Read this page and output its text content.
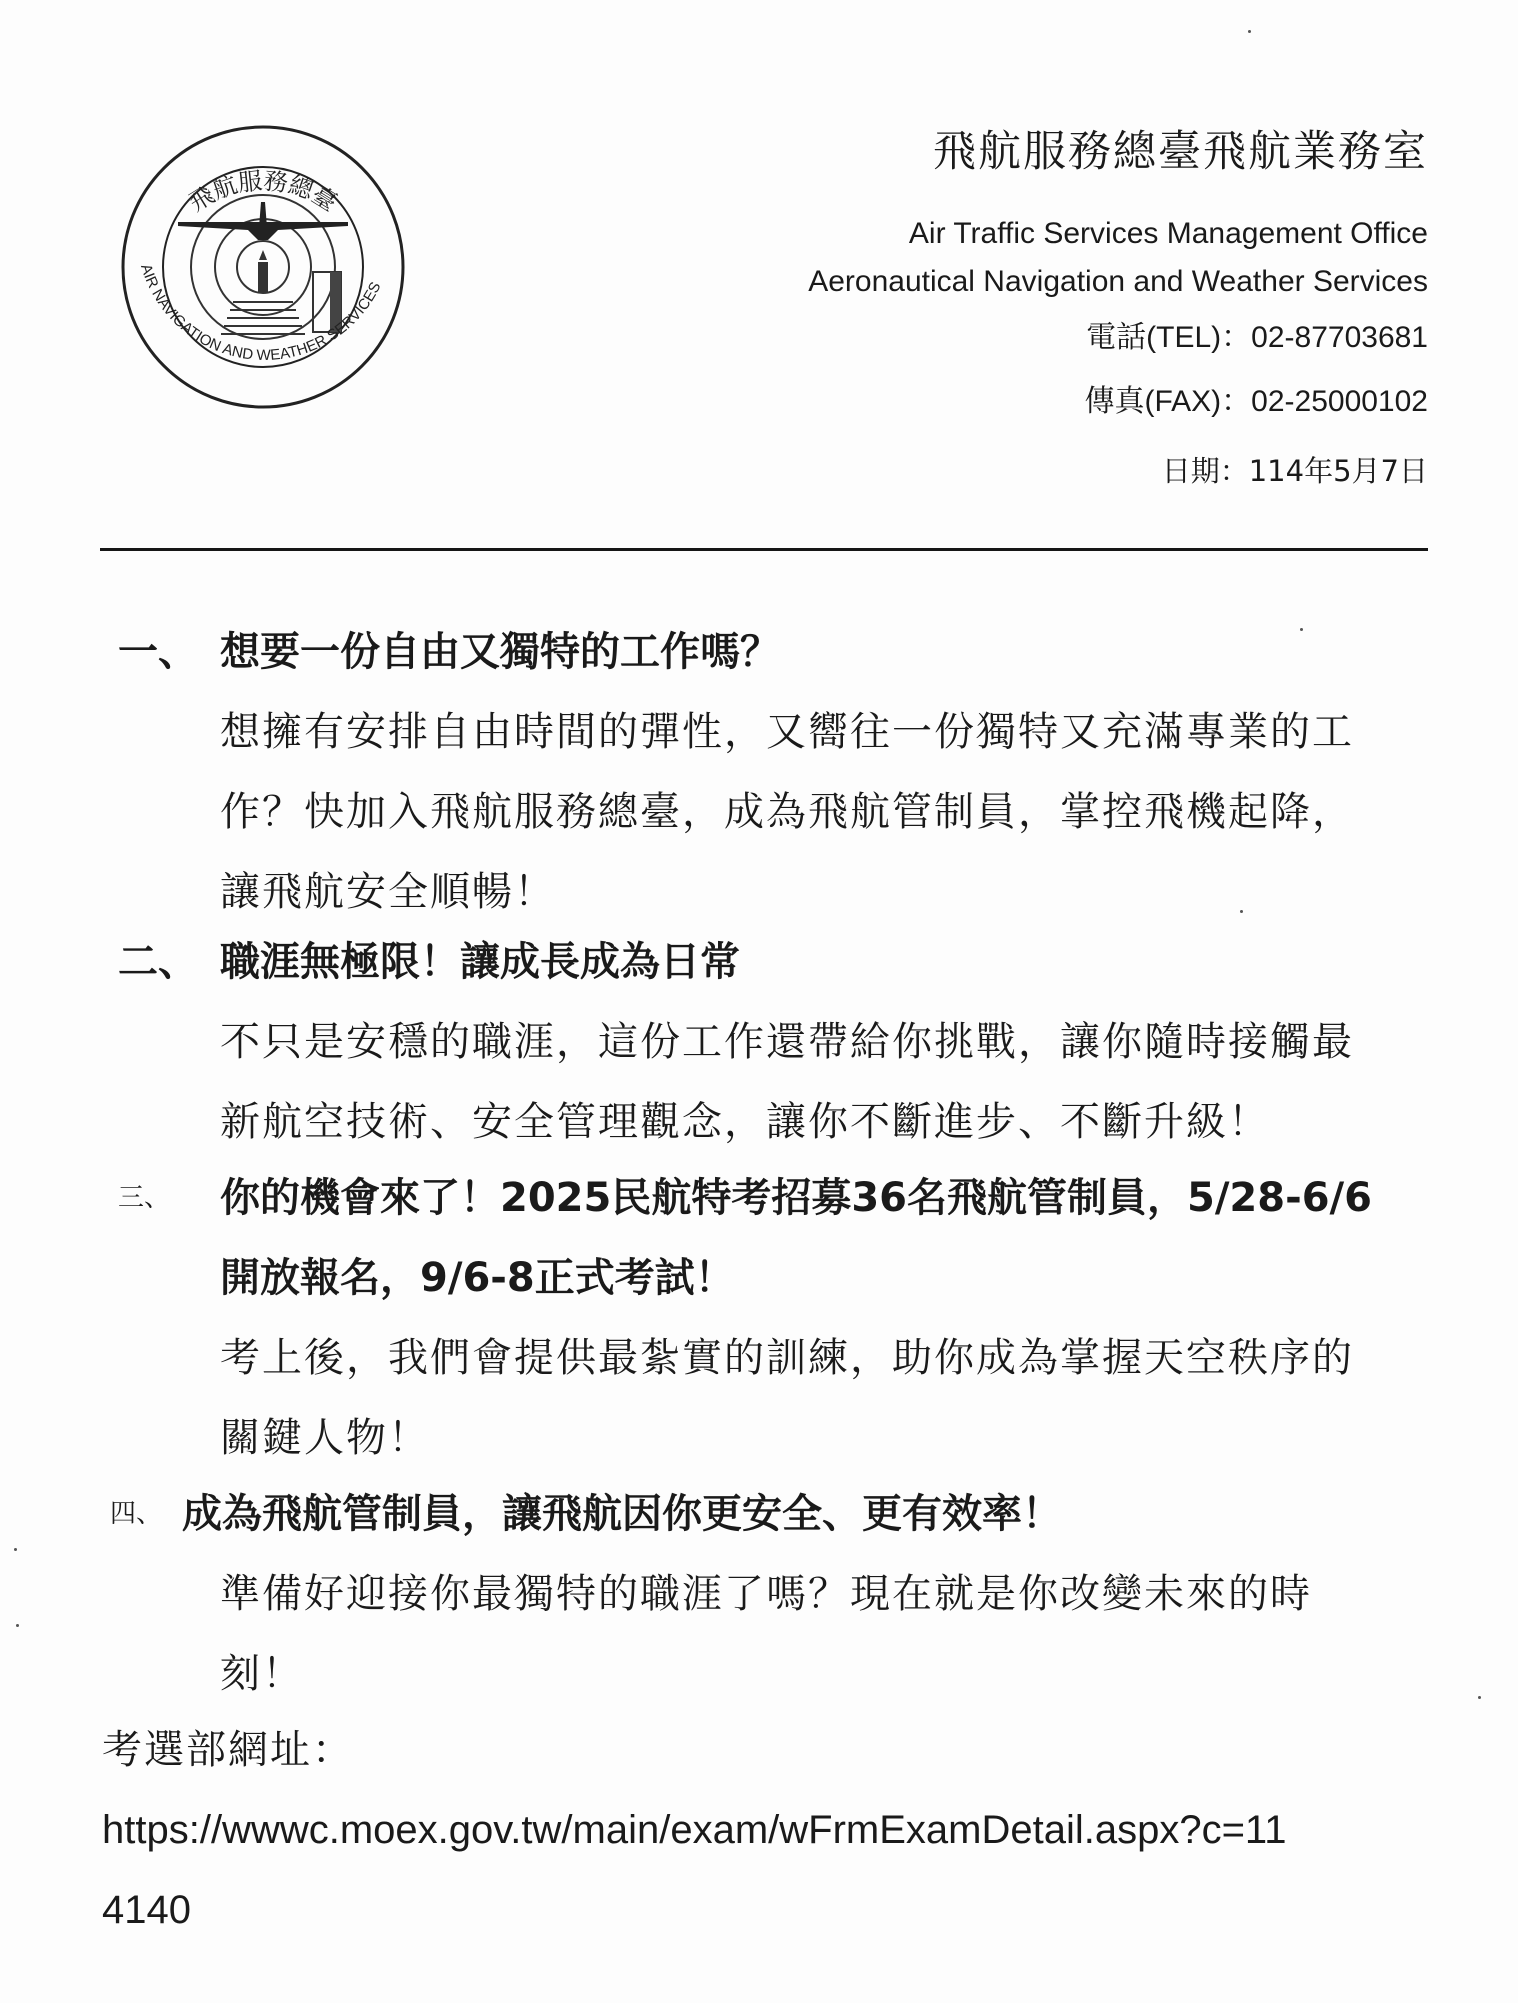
飛航服務總臺
AIR NAVIGATION AND WEATHER SERVICES
飛航服務總臺飛航業務室
Air Traffic Services Management Office
Aeronautical Navigation and Weather Services
電話(TEL)：02-87703681
傳真(FAX)：02-25000102
日期：114年5月7日
一、 想要一份自由又獨特的工作嗎？
想擁有安排自由時間的彈性，又嚮往一份獨特又充滿專業的工
作？快加入飛航服務總臺，成為飛航管制員，掌控飛機起降，
讓飛航安全順暢！
二、 職涯無極限！讓成長成為日常
不只是安穩的職涯，這份工作還帶給你挑戰，讓你隨時接觸最
新航空技術、安全管理觀念，讓你不斷進步、不斷升級！
三、 你的機會來了！2025民航特考招募36名飛航管制員，5/28-6/6
開放報名，9/6-8正式考試！
考上後，我們會提供最紮實的訓練，助你成為掌握天空秩序的
關鍵人物！
四、 成為飛航管制員，讓飛航因你更安全、更有效率！
準備好迎接你最獨特的職涯了嗎？現在就是你改變未來的時
刻！
考選部網址：
https://wwwc.moex.gov.tw/main/exam/wFrmExamDetail.aspx?c=11
4140
